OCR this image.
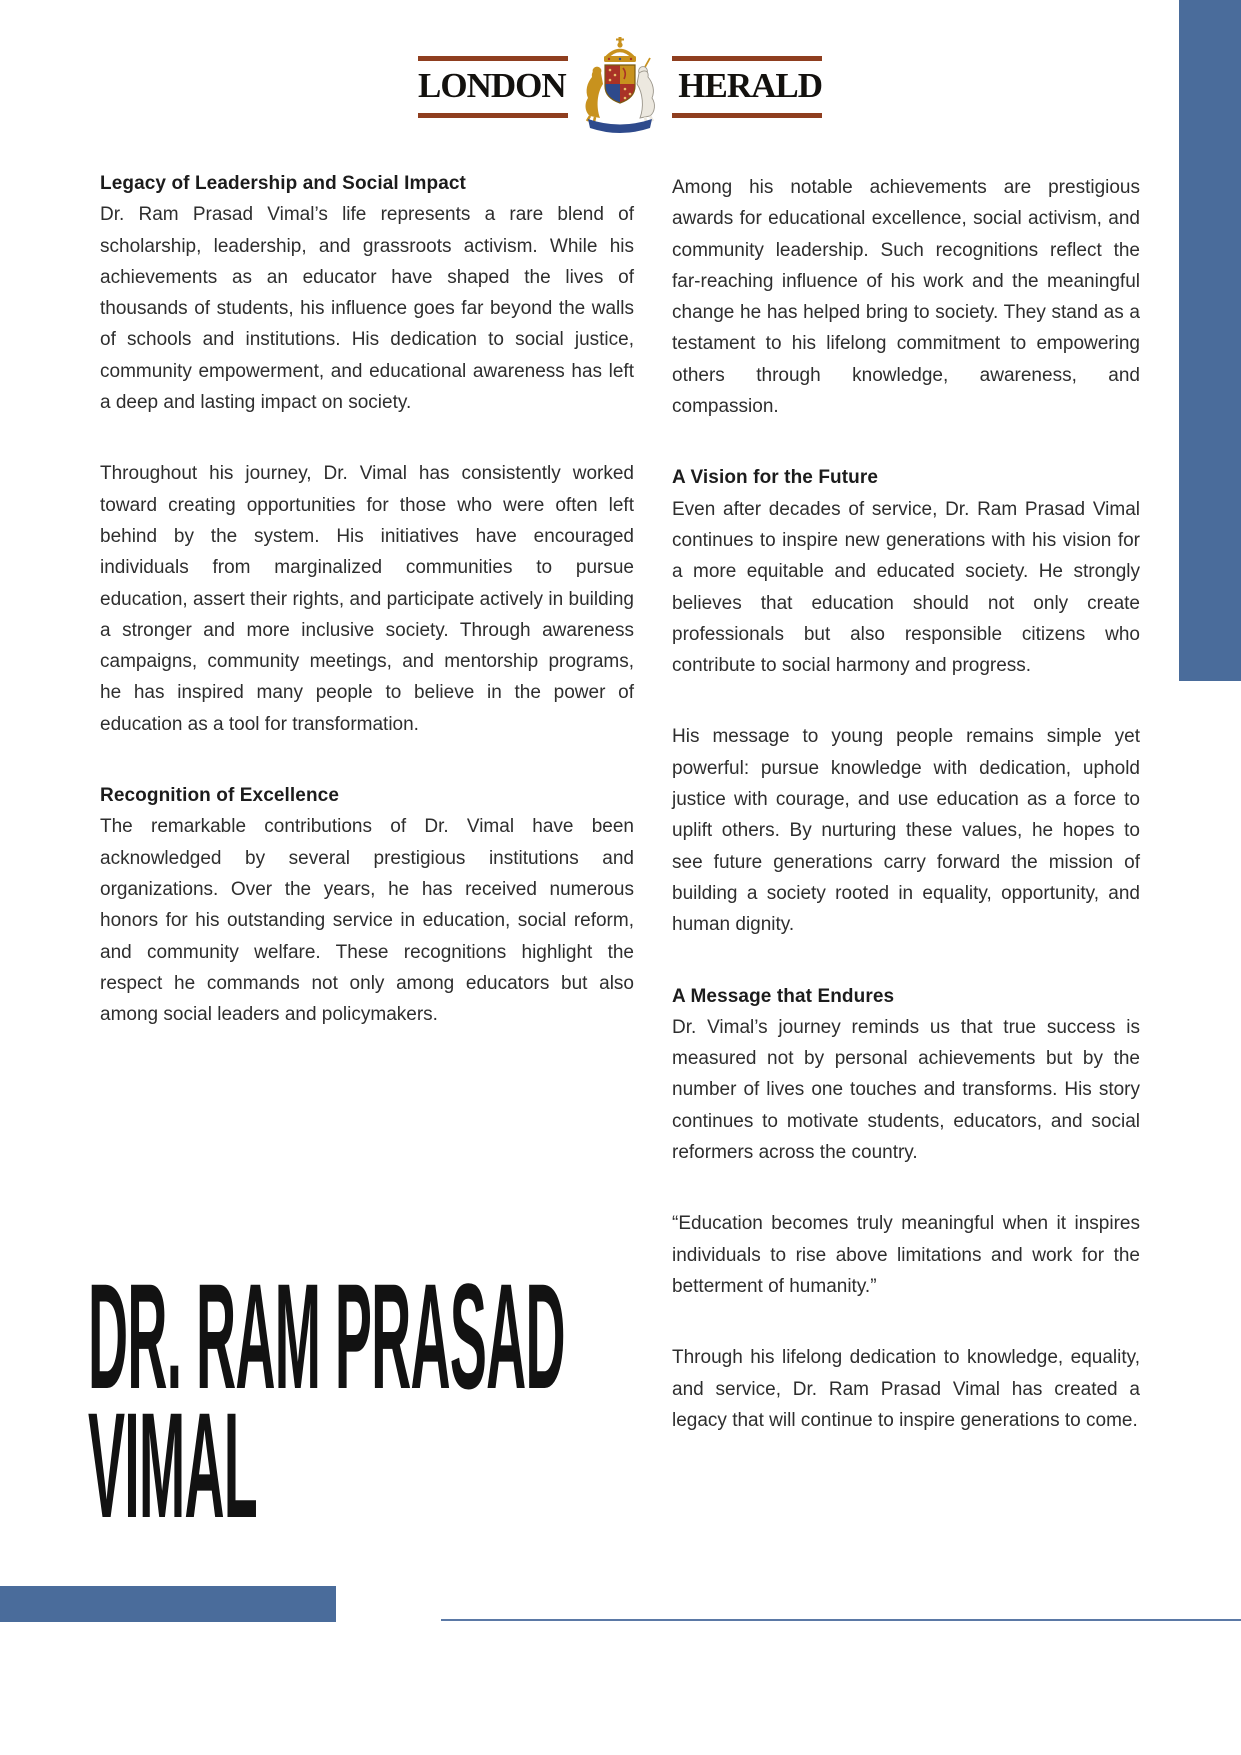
LONDON	HERALD
Legacy of Leadership and Social Impact

Dr. Ram Prasad Vimal’s life represents a rare blend of scholarship, leadership, and grassroots activism. While his achievements as an educator have shaped the lives of thousands of students, his influence goes far beyond the walls of schools and institutions. His dedication to social justice, community empowerment, and educational awareness has left a deep and lasting impact on society.

Throughout his journey, Dr. Vimal has consistently worked toward creating opportunities for those who were often left behind by the system. His initiatives have encouraged individuals from marginalized communities to pursue education, assert their rights, and participate actively in building a stronger and more inclusive society. Through awareness campaigns, community meetings, and mentorship programs, he has inspired many people to believe in the power of education as a tool for transformation.

Recognition of Excellence

The remarkable contributions of Dr. Vimal have been acknowledged by several prestigious institutions and organizations. Over the years, he has received numerous honors for his outstanding service in education, social reform, and community welfare. These recognitions highlight the respect he commands not only among educators but also among social leaders and policymakers.

Among his notable achievements are prestigious awards for educational excellence, social activism, and community leadership. Such recognitions reflect the far-reaching influence of his work and the meaningful change he has helped bring to society. They stand as a testament to his lifelong commitment to empowering others through knowledge, awareness, and compassion.

A Vision for the Future

Even after decades of service, Dr. Ram Prasad Vimal continues to inspire new generations with his vision for a more equitable and educated society. He strongly believes that education should not only create professionals but also responsible citizens who contribute to social harmony and progress.

His message to young people remains simple yet powerful: pursue knowledge with dedication, uphold justice with courage, and use education as a force to uplift others. By nurturing these values, he hopes to see future generations carry forward the mission of building a society rooted in equality, opportunity, and human dignity.

A Message that Endures

Dr. Vimal’s journey reminds us that true success is measured not by personal achievements but by the number of lives one touches and transforms. His story continues to motivate students, educators, and social reformers across the country.

“Education becomes truly meaningful when it inspires individuals to rise above limitations and work for the betterment of humanity.”

Through his lifelong dedication to knowledge, equality, and service, Dr. Ram Prasad Vimal has created a legacy that will continue to inspire generations to come.

DR. RAM PRASAD
VIMAL
